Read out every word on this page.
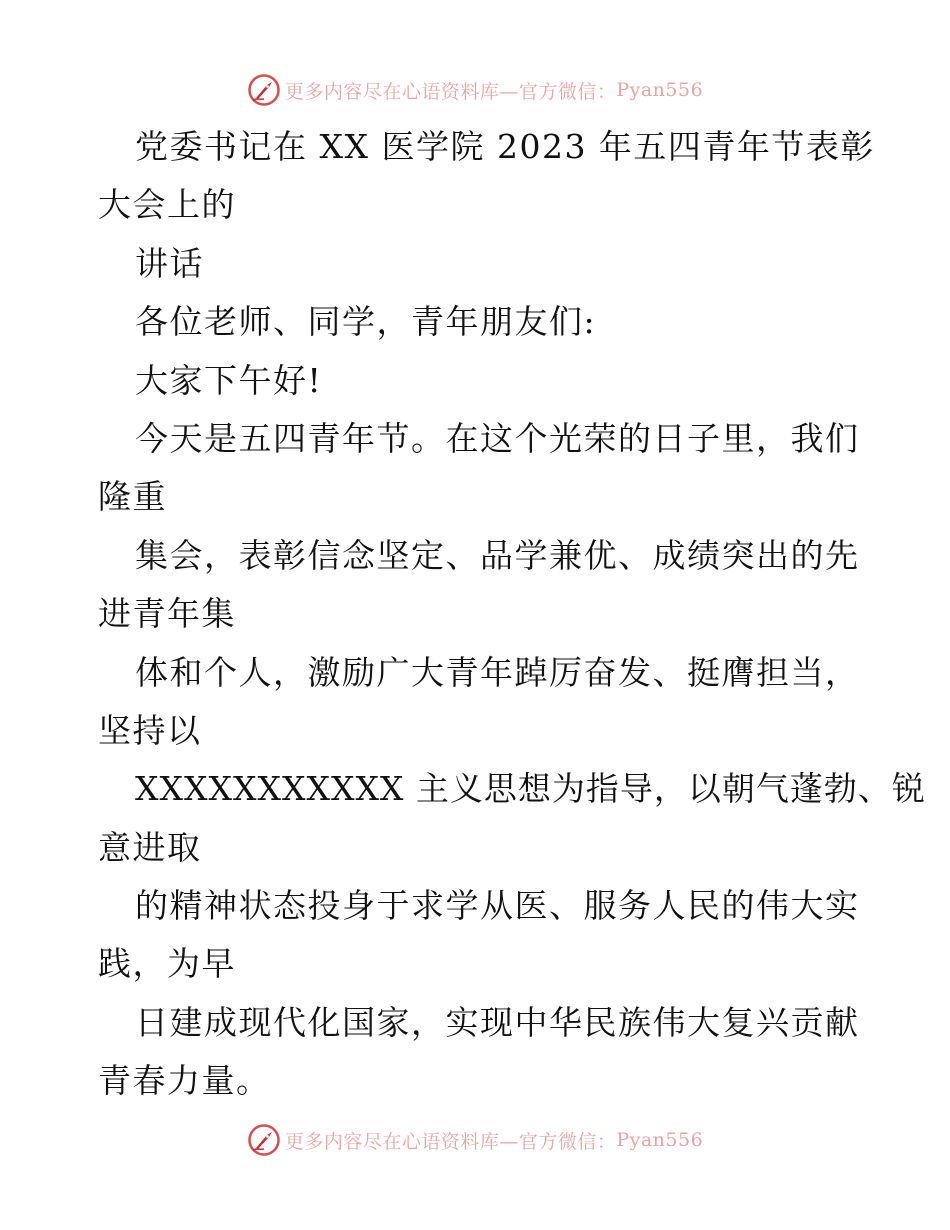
更多内容尽在心语资料库—官方微信： Pyan556
党委书记在 XX 医学院 2023 年五四青年节表彰
大会上的
讲话
各位老师、同学，青年朋友们:
大家下午好!
今天是五四青年节。在这个光荣的日子里，我们
隆重
集会，表彰信念坚定、品学兼优、成绩突出的先
进青年集
体和个人，激励广大青年踔厉奋发、挺膺担当，
坚持以
XXXXXXXXXXX 主义思想为指导，以朝气蓬勃、锐
意进取
的精神状态投身于求学从医、服务人民的伟大实
践，为早
日建成现代化国家，实现中华民族伟大复兴贡献
青春力量。
更多内容尽在心语资料库—官方微信： Pyan556
